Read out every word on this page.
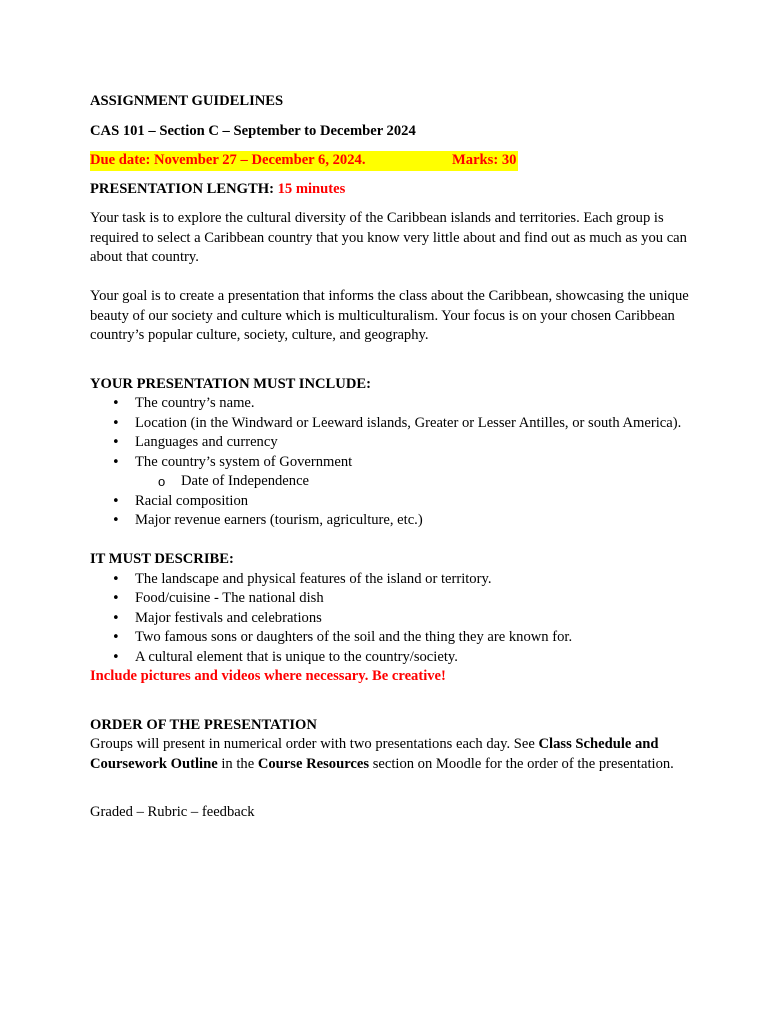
ASSIGNMENT GUIDELINES

CAS 101 – Section C – September to December 2024

Due date: November 27 – December 6, 2024.	Marks: 30

PRESENTATION LENGTH: 15 minutes

Your task is to explore the cultural diversity of the Caribbean islands and territories. Each group is required to select a Caribbean country that you know very little about and find out as much as you can about that country.

Your goal is to create a presentation that informs the class about the Caribbean, showcasing the unique beauty of our society and culture which is multiculturalism. Your focus is on your chosen Caribbean country’s popular culture, society, culture, and geography.

YOUR PRESENTATION MUST INCLUDE:

• The country’s name.
• Location (in the Windward or Leeward islands, Greater or Lesser Antilles, or south America).
• Languages and currency
• The country’s system of Government
o Date of Independence
• Racial composition
• Major revenue earners (tourism, agriculture, etc.)

IT MUST DESCRIBE:

• The landscape and physical features of the island or territory.
• Food/cuisine - The national dish
• Major festivals and celebrations
• Two famous sons or daughters of the soil and the thing they are known for.
• A cultural element that is unique to the country/society.

Include pictures and videos where necessary. Be creative!

ORDER OF THE PRESENTATION

Groups will present in numerical order with two presentations each day. See Class Schedule and Coursework Outline in the Course Resources section on Moodle for the order of the presentation.

Graded – Rubric – feedback
